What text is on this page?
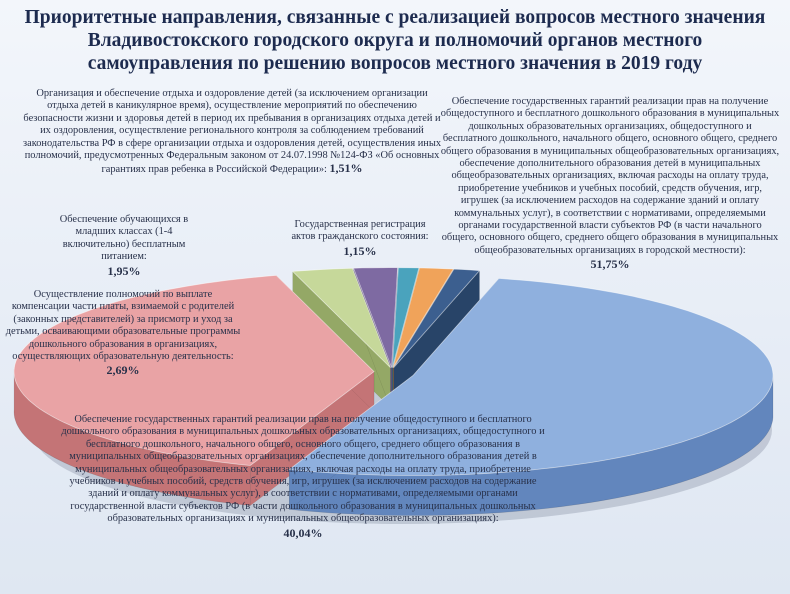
Приоритетные направления, связанные с реализацией вопросов местного значения
Владивостокского городского округа и полномочий органов местного
самоуправления по решению вопросов местного значения в 2019 году
Обеспечение государственных гарантий реализации прав на получение общедоступного и бесплатного дошкольного образования в муниципальных дошкольных образовательных организациях, общедоступного и бесплатного дошкольного, начального общего, основного общего, среднего общего образования в муниципальных общеобразовательных организациях, обеспечение дополнительного образования детей в муниципальных общеобразовательных организациях, включая расходы на оплату труда, приобретение учебников и учебных пособий, средств обучения, игр, игрушек (за исключением расходов на содержание зданий и оплату коммунальных услуг), в соответствии с нормативами, определяемыми органами государственной власти субъектов РФ (в части начального общего, основного общего, среднего общего образования в муниципальных общеобразовательных организациях в городской местности):
51,75%
Обеспечение государственных гарантий реализации прав на получение общедоступного и бесплатного дошкольного образования в муниципальных дошкольных образовательных организациях, общедоступного и бесплатного дошкольного, начального общего, основного общего, среднего общего образования в муниципальных общеобразовательных организациях, обеспечение дополнительного образования детей в муниципальных общеобразовательных организациях, включая расходы на оплату труда, приобретение учебников и учебных пособий, средств обучения, игр, игрушек (за исключением расходов на содержание зданий и оплату коммунальных услуг), в соответствии с нормативами, определяемыми органами государственной власти субъектов РФ (в части дошкольного образования в муниципальных дошкольных образовательных организациях и муниципальных общеобразовательных организациях):
40,04%
Осуществление полномочий по выплате компенсации части платы, взимаемой с родителей (законных представителей) за присмотр и уход за детьми, осваивающими образовательные программы дошкольного образования в организациях, осуществляющих образовательную деятельность:
2,69%
Обеспечение обучающихся в младших классах (1-4 включительно) бесплатным питанием:
1,95%
Организация и обеспечение отдыха и оздоровление детей (за исключением организации отдыха детей в каникулярное время), осуществление мероприятий по обеспечению безопасности жизни и здоровья детей в период их пребывания в организациях отдыха детей и их оздоровления, осуществление регионального контроля за соблюдением требований законодательства РФ в сфере организации отдыха и оздоровления детей, осуществления иных полномочий, предусмотренных Федеральным законом от 24.07.1998 №124-ФЗ «Об основных гарантиях прав ребенка в Российской Федерации»: 1,51%
Государственная регистрация актов гражданского состояния:
1,15%
